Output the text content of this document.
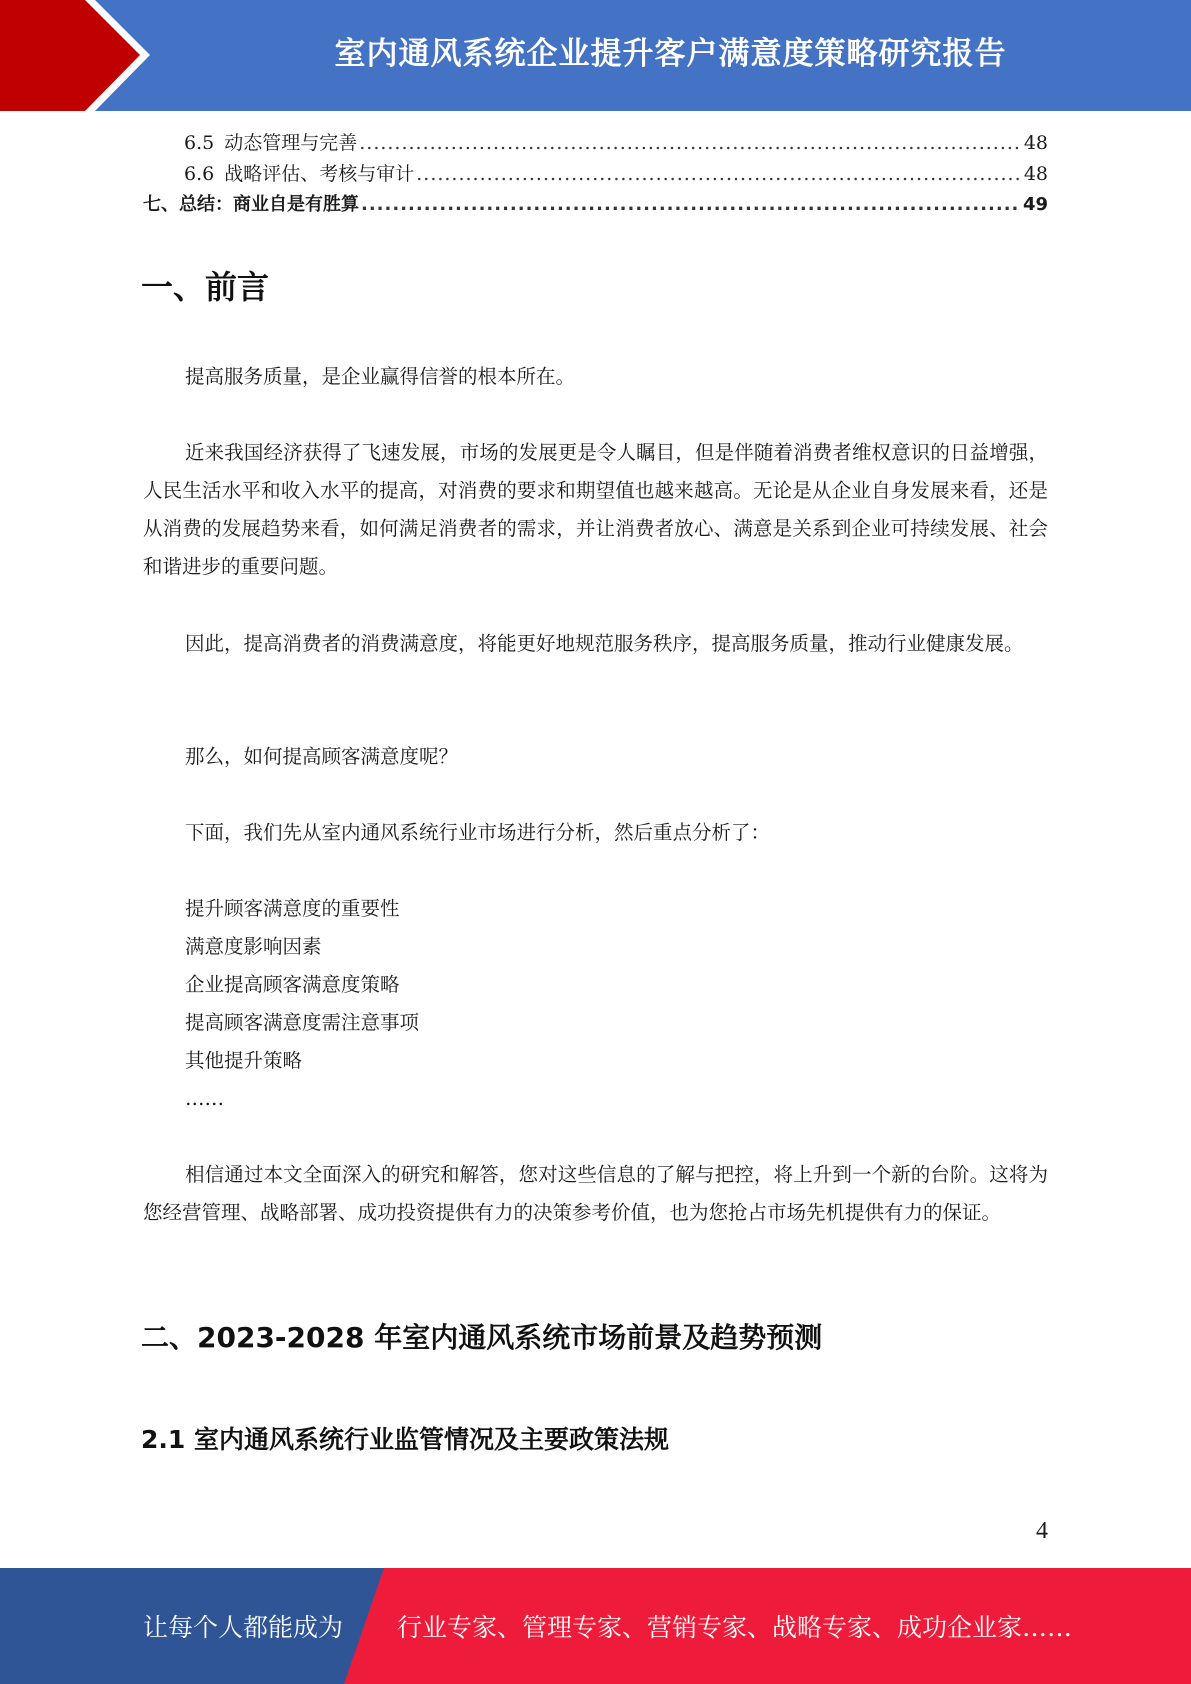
室内通风系统企业提升客户满意度策略研究报告
6.5 动态管理与完善 .....	48
6.6 战略评估、考核与审计 .....	48
七、总结：商业自是有胜算 .....	49
一、前言
提高服务质量，是企业赢得信誉的根本所在。
近来我国经济获得了飞速发展，市场的发展更是令人瞩目，但是伴随着消费者维权意识的日益增强，人民生活水平和收入水平的提高，对消费的要求和期望值也越来越高。无论是从企业自身发展来看，还是从消费的发展趋势来看，如何满足消费者的需求，并让消费者放心、满意是关系到企业可持续发展、社会和谐进步的重要问题。
因此，提高消费者的消费满意度，将能更好地规范服务秩序，提高服务质量，推动行业健康发展。
那么，如何提高顾客满意度呢？
下面，我们先从室内通风系统行业市场进行分析，然后重点分析了：
提升顾客满意度的重要性
满意度影响因素
企业提高顾客满意度策略
提高顾客满意度需注意事项
其他提升策略
……
相信通过本文全面深入的研究和解答，您对这些信息的了解与把控，将上升到一个新的台阶。这将为您经营管理、战略部署、成功投资提供有力的决策参考价值，也为您抢占市场先机提供有力的保证。
二、2023-2028 年室内通风系统市场前景及趋势预测
2.1 室内通风系统行业监管情况及主要政策法规
4
让每个人都能成为 行业专家、管理专家、营销专家、战略专家、成功企业家……
